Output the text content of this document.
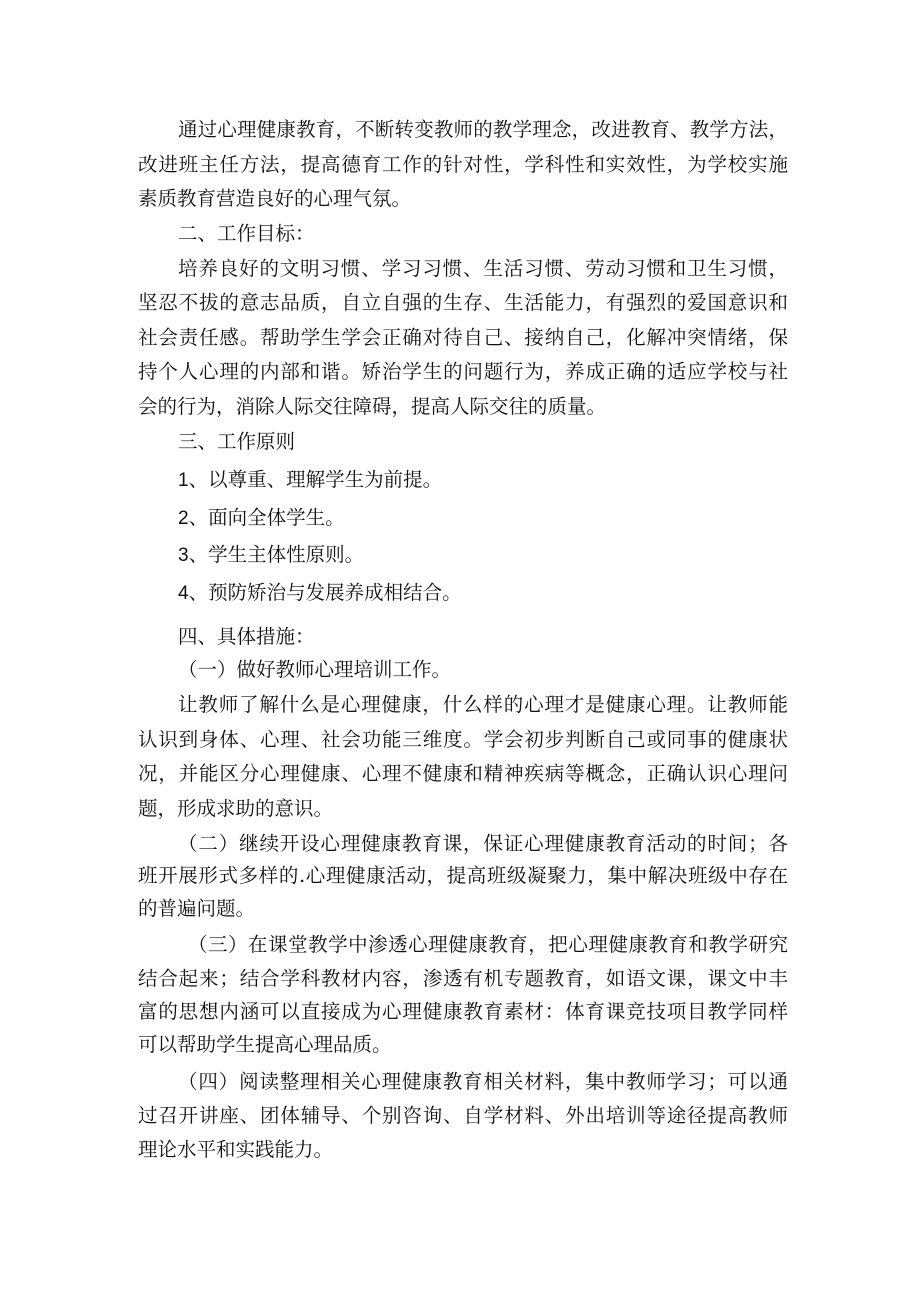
通过心理健康教育，不断转变教师的教学理念，改进教育、教学方法，
改进班主任方法，提高德育工作的针对性，学科性和实效性，为学校实施
素质教育营造良好的心理气氛。
二、工作目标：
培养良好的文明习惯、学习习惯、生活习惯、劳动习惯和卫生习惯，
坚忍不拔的意志品质，自立自强的生存、生活能力，有强烈的爱国意识和
社会责任感。帮助学生学会正确对待自己、接纳自己，化解冲突情绪，保
持个人心理的内部和谐。矫治学生的问题行为，养成正确的适应学校与社
会的行为，消除人际交往障碍，提高人际交往的质量。
三、工作原则
1、以尊重、理解学生为前提。
2、面向全体学生。
3、学生主体性原则。
4、预防矫治与发展养成相结合。
四、具体措施：
（一）做好教师心理培训工作。
让教师了解什么是心理健康，什么样的心理才是健康心理。让教师能
认识到身体、心理、社会功能三维度。学会初步判断自己或同事的健康状
况，并能区分心理健康、心理不健康和精神疾病等概念，正确认识心理问
题，形成求助的意识。
（二）继续开设心理健康教育课，保证心理健康教育活动的时间；各
班开展形式多样的.心理健康活动，提高班级凝聚力，集中解决班级中存在
的普遍问题。
（三）在课堂教学中渗透心理健康教育，把心理健康教育和教学研究
结合起来；结合学科教材内容，渗透有机专题教育，如语文课，课文中丰
富的思想内涵可以直接成为心理健康教育素材：体育课竞技项目教学同样
可以帮助学生提高心理品质。
（四）阅读整理相关心理健康教育相关材料，集中教师学习；可以通
过召开讲座、团体辅导、个别咨询、自学材料、外出培训等途径提高教师
理论水平和实践能力。
